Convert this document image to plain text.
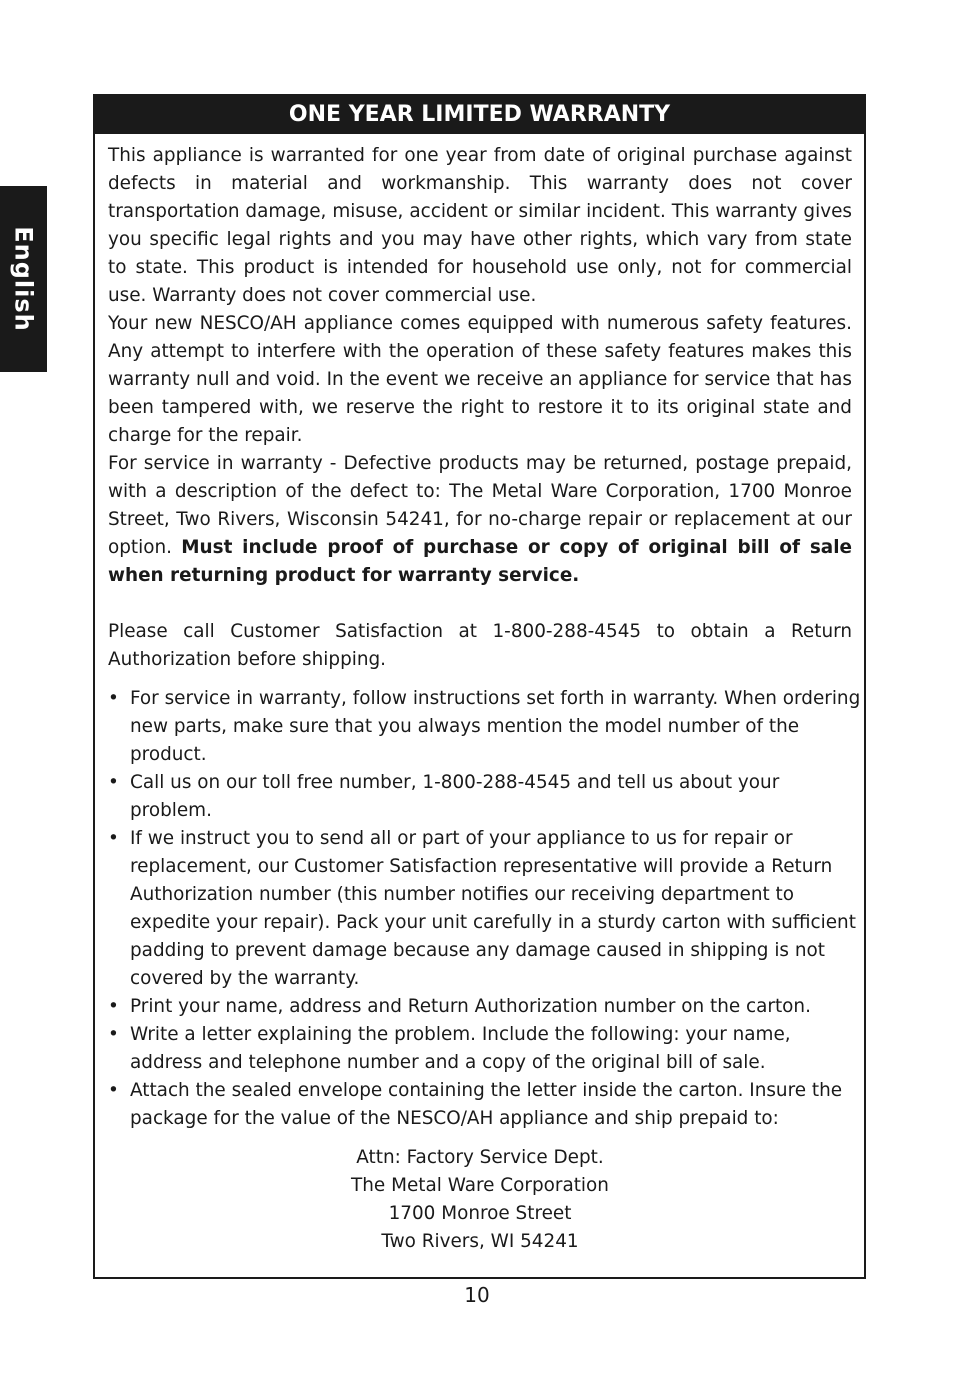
English
ONE YEAR LIMITED WARRANTY

This appliance is warranted for one year from date of original purchase against defects in material and workmanship. This warranty does not cover transportation damage, misuse, accident or similar incident. This warranty gives you specific legal rights and you may have other rights, which vary from state to state. This product is intended for household use only, not for commercial use. Warranty does not cover commercial use.

Your new NESCO/AH appliance comes equipped with numerous safety features. Any attempt to interfere with the operation of these safety features makes this warranty null and void. In the event we receive an appliance for service that has been tampered with, we reserve the right to restore it to its original state and charge for the repair.

For service in warranty - Defective products may be returned, postage prepaid, with a description of the defect to: The Metal Ware Corporation, 1700 Monroe Street, Two Rivers, Wisconsin 54241, for no-charge repair or replacement at our option. Must include proof of purchase or copy of original bill of sale when returning product for warranty service.

Please call Customer Satisfaction at 1-800-288-4545 to obtain a Return Authorization before shipping.

• For service in warranty, follow instructions set forth in warranty. When ordering new parts, make sure that you always mention the model number of the product.
• Call us on our toll free number, 1-800-288-4545 and tell us about your problem.
• If we instruct you to send all or part of your appliance to us for repair or replacement, our Customer Satisfaction representative will provide a Return Authorization number (this number notifies our receiving department to expedite your repair). Pack your unit carefully in a sturdy carton with sufficient padding to prevent damage because any damage caused in shipping is not covered by the warranty.
• Print your name, address and Return Authorization number on the carton.
• Write a letter explaining the problem. Include the following: your name, address and telephone number and a copy of the original bill of sale.
• Attach the sealed envelope containing the letter inside the carton. Insure the package for the value of the NESCO/AH appliance and ship prepaid to:
Attn: Factory Service Dept.
The Metal Ware Corporation
1700 Monroe Street
Two Rivers, WI 54241
10
